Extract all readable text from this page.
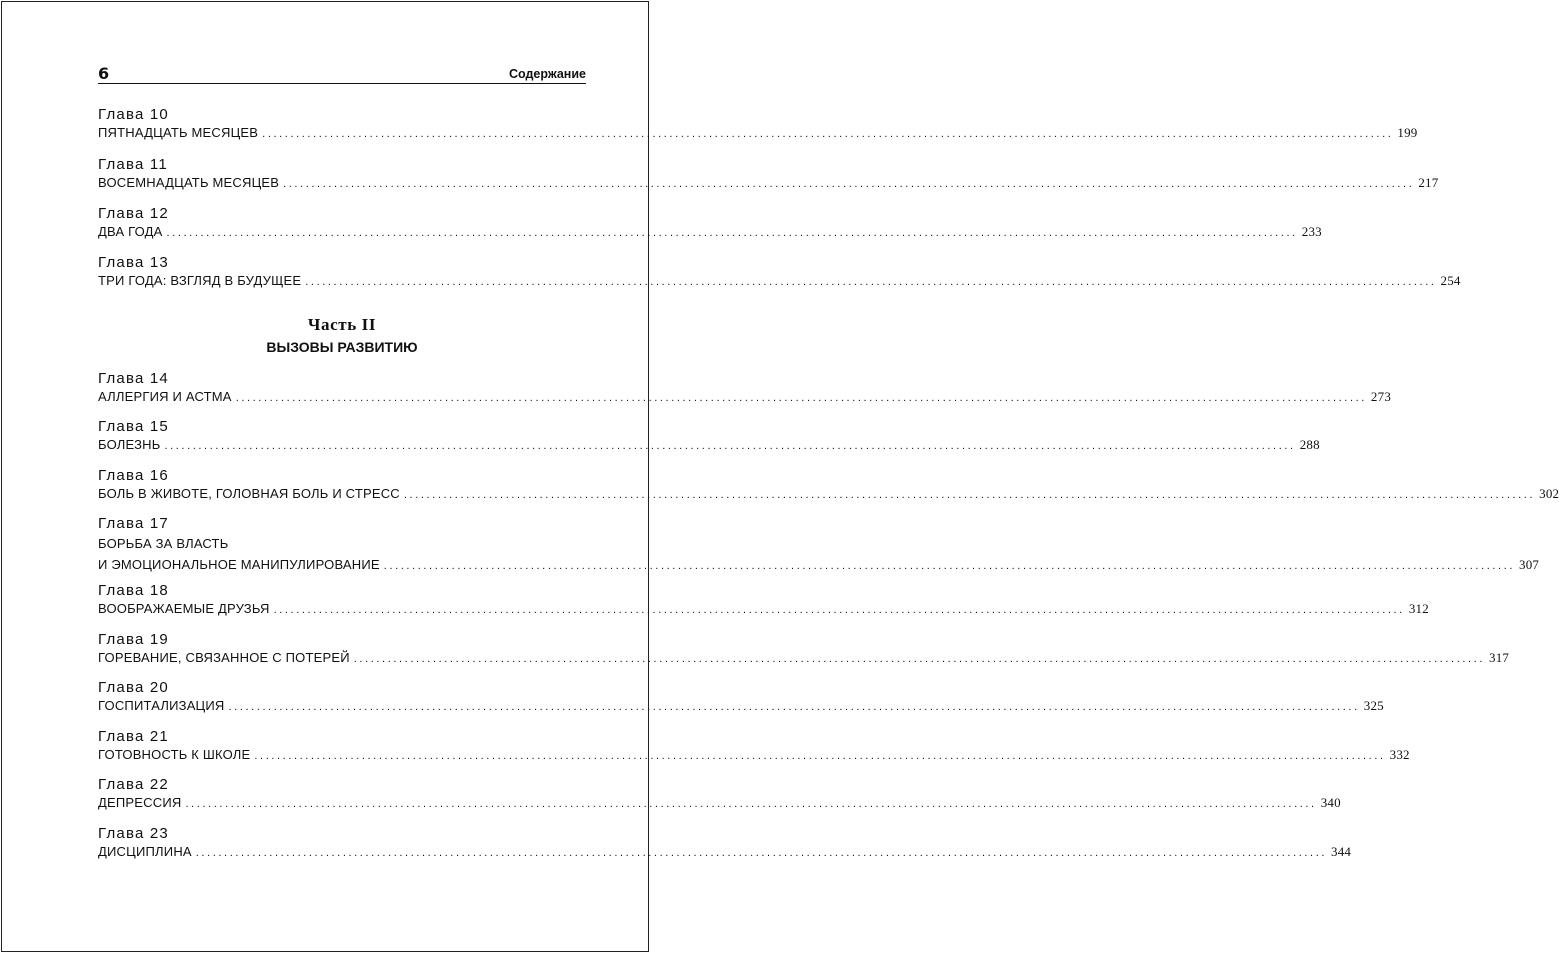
6	Содержание
Глава 10
ПЯТНАДЦАТЬ МЕСЯЦЕВ ........................................................................................................................................................................................................ 199
Глава 11
ВОСЕМНАДЦАТЬ МЕСЯЦЕВ ........................................................................................................................................................................................................ 217
Глава 12
ДВА ГОДА ........................................................................................................................................................................................................ 233
Глава 13
ТРИ ГОДА: ВЗГЛЯД В БУДУЩЕЕ ........................................................................................................................................................................................................ 254
Глава 14
АЛЛЕРГИЯ И АСТМА ........................................................................................................................................................................................................ 273
Глава 15
БОЛЕЗНЬ ........................................................................................................................................................................................................ 288
Глава 16
БОЛЬ В ЖИВОТЕ, ГОЛОВНАЯ БОЛЬ И СТРЕСС ........................................................................................................................................................................................................ 302
Глава 17
БОРЬБА ЗА ВЛАСТЬ
И ЭМОЦИОНАЛЬНОЕ МАНИПУЛИРОВАНИЕ ........................................................................................................................................................................................................ 307
Глава 18
ВООБРАЖАЕМЫЕ ДРУЗЬЯ ........................................................................................................................................................................................................ 312
Глава 19
ГОРЕВАНИЕ, СВЯЗАННОЕ С ПОТЕРЕЙ ........................................................................................................................................................................................................ 317
Глава 20
ГОСПИТАЛИЗАЦИЯ ........................................................................................................................................................................................................ 325
Глава 21
ГОТОВНОСТЬ К ШКОЛЕ ........................................................................................................................................................................................................ 332
Глава 22
ДЕПРЕССИЯ ........................................................................................................................................................................................................ 340
Глава 23
ДИСЦИПЛИНА ........................................................................................................................................................................................................ 344
Часть II
ВЫЗОВЫ РАЗВИТИЮ
